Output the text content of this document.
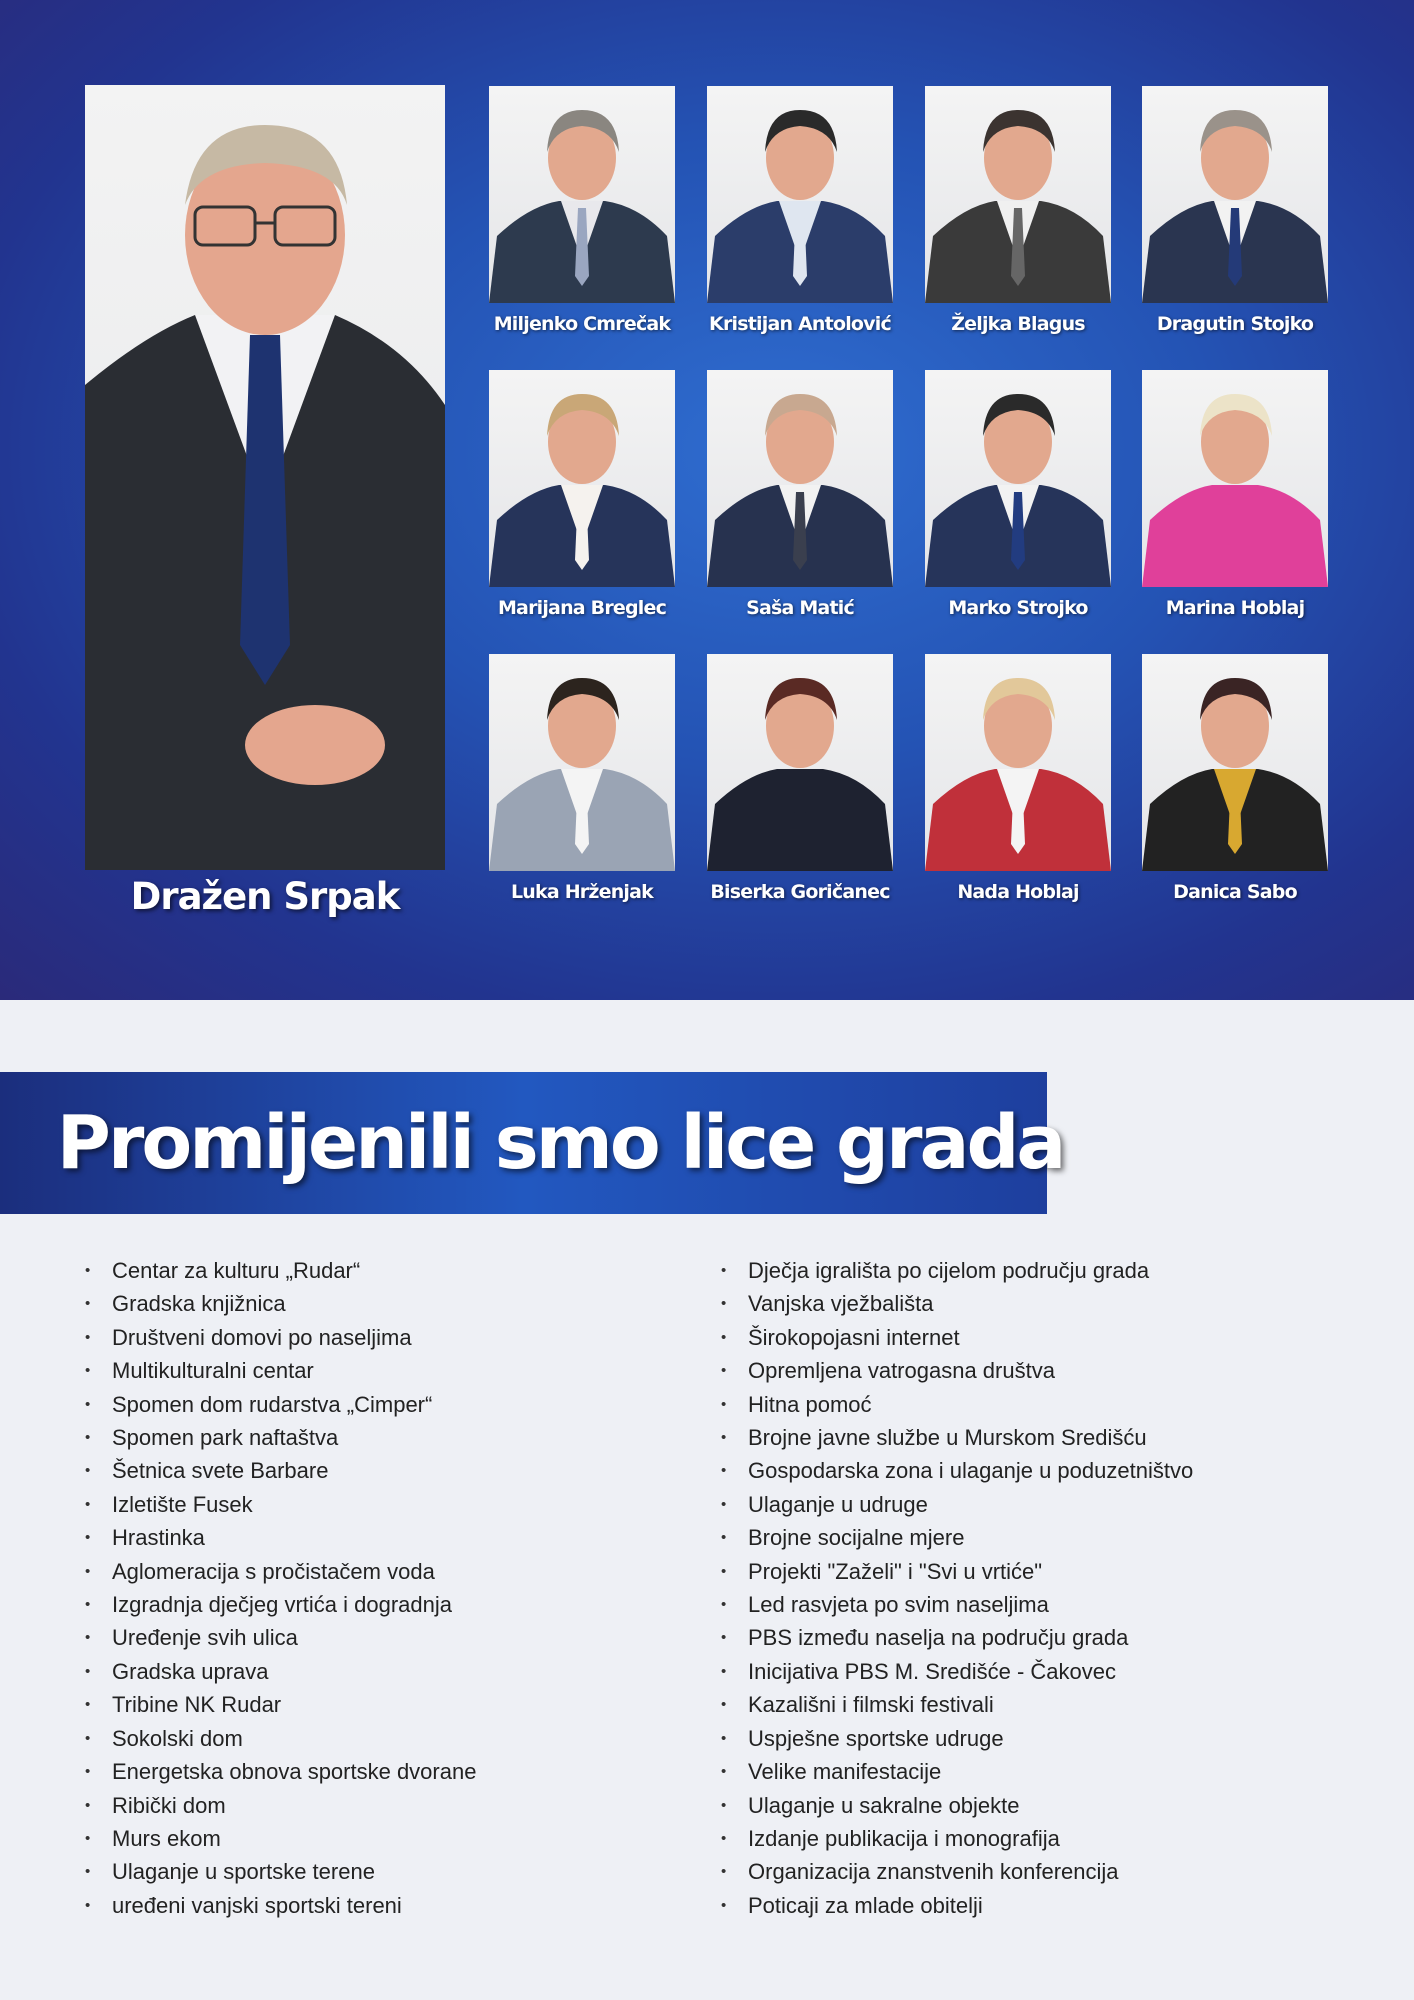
Dražen Srpak
Miljenko Cmrečak Kristijan Antolović	Željka Blagus	Dragutin Stojko
Marijana Breglec	Saša Matić	Marko Strojko	Marina Hoblaj
Luka Hrženjak	Biserka Goričanec	Nada Hoblaj	Danica Sabo
Promijenili smo lice grada
• Centar za kulturu „Rudar“
• Gradska knjižnica
• Društveni domovi po naseljima
• Multikulturalni centar
• Spomen dom rudarstva „Cimper“
• Spomen park naftaštva
• Šetnica svete Barbare
• Izletište Fusek
• Hrastinka
• Aglomeracija s pročistačem voda
• Izgradnja dječjeg vrtića i dogradnja
• Uređenje svih ulica
• Gradska uprava
• Tribine NK Rudar
• Sokolski dom
• Energetska obnova sportske dvorane
• Ribički dom
• Murs ekom
• Ulaganje u sportske terene
• uređeni vanjski sportski tereni
• Dječja igrališta po cijelom području grada
• Vanjska vježbališta
• Širokopojasni internet
• Opremljena vatrogasna društva
• Hitna pomoć
• Brojne javne službe u Murskom Središću
• Gospodarska zona i ulaganje u poduzetništvo
• Ulaganje u udruge
• Brojne socijalne mjere
• Projekti "Zaželi" i "Svi u vrtiće"
• Led rasvjeta po svim naseljima
• PBS između naselja na području grada
• Inicijativa PBS M. Središće - Čakovec
• Kazališni i filmski festivali
• Uspješne sportske udruge
• Velike manifestacije
• Ulaganje u sakralne objekte
• Izdanje publikacija i monografija
• Organizacija znanstvenih konferencija
• Poticaji za mlade obitelji
